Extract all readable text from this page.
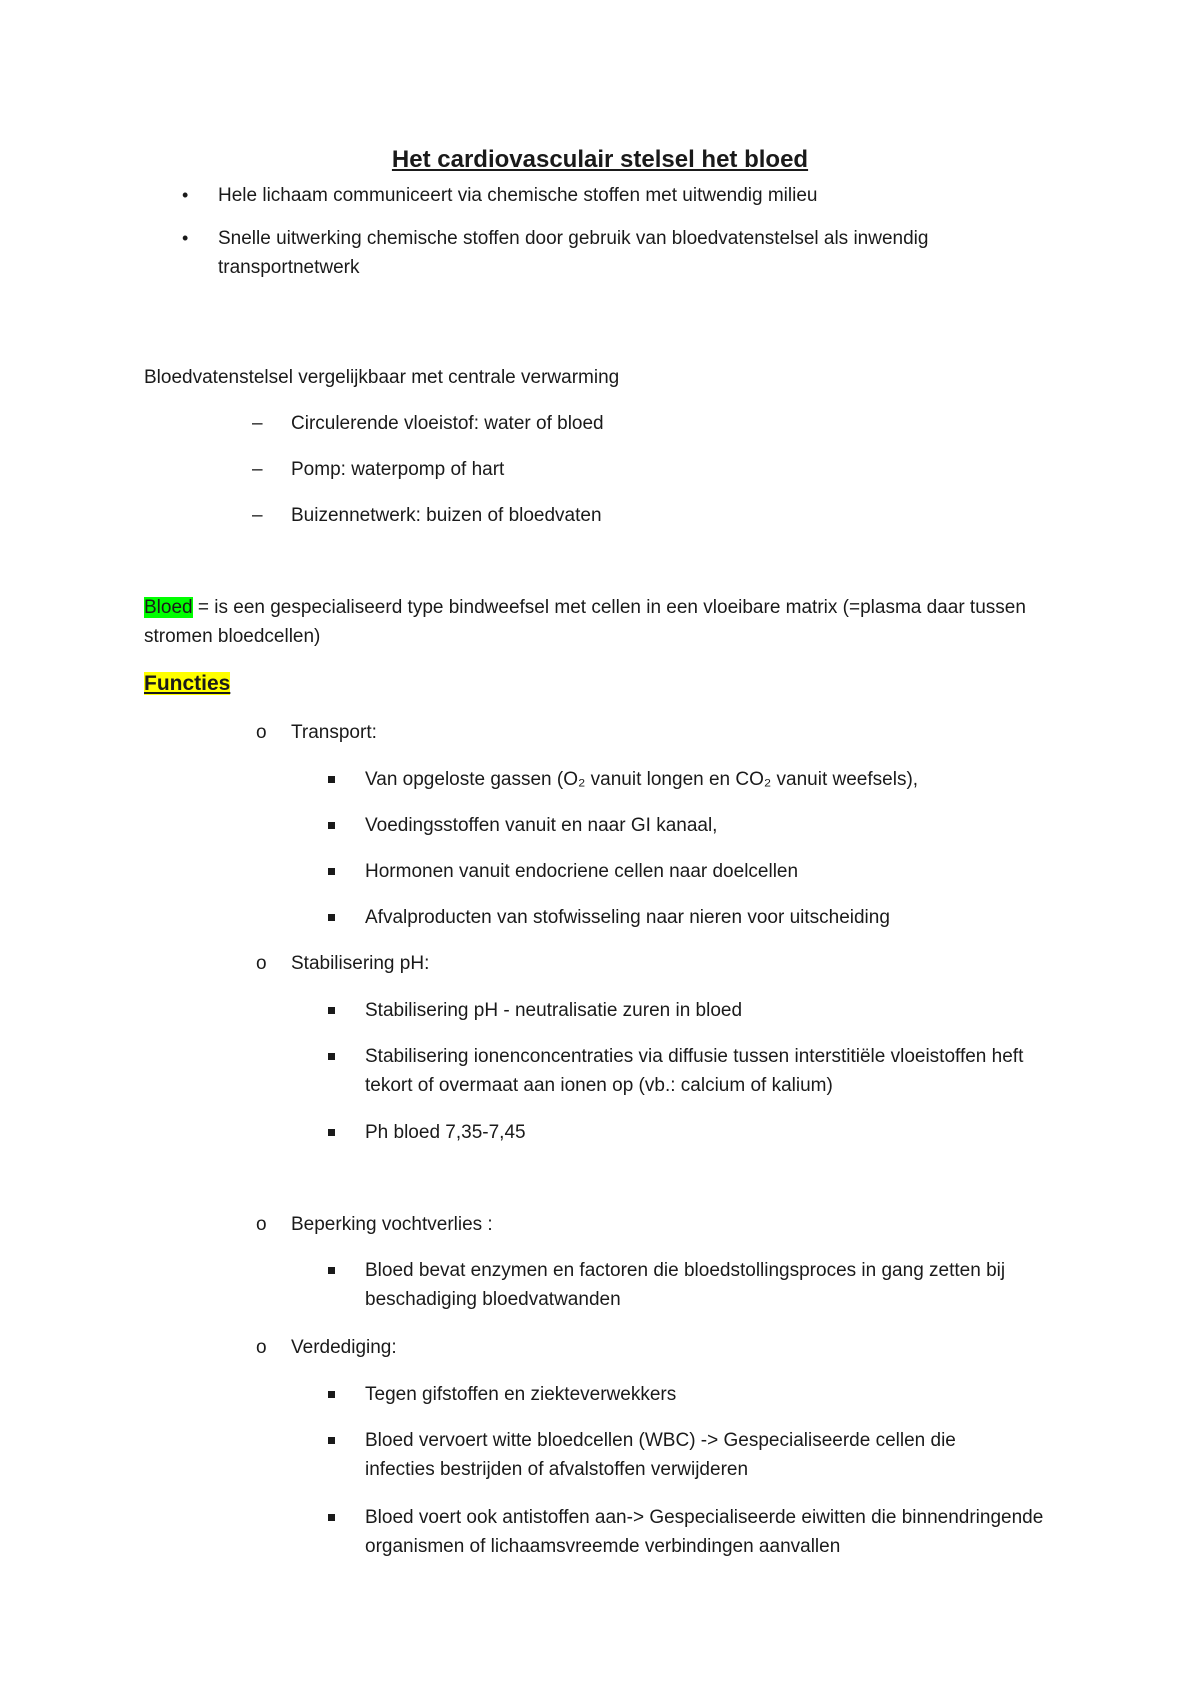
Het cardiovasculair stelsel het bloed
• Hele lichaam communiceert via chemische stoffen met uitwendig milieu
• Snelle uitwerking chemische stoffen door gebruik van bloedvatenstelsel als inwendig transportnetwerk
Bloedvatenstelsel vergelijkbaar met centrale verwarming
– Circulerende vloeistof: water of bloed
– Pomp: waterpomp of hart
– Buizennetwerk: buizen of bloedvaten
Bloed = is een gespecialiseerd type bindweefsel met cellen in een vloeibare matrix (=plasma daar tussen stromen bloedcellen)
Functies
o Transport:
Van opgeloste gassen (O₂ vanuit longen en CO₂ vanuit weefsels),
Voedingsstoffen vanuit en naar GI kanaal,
Hormonen vanuit endocriene cellen naar doelcellen
Afvalproducten van stofwisseling naar nieren voor uitscheiding
o Stabilisering pH:
Stabilisering pH - neutralisatie zuren in bloed
Stabilisering ionenconcentraties via diffusie tussen interstitiële vloeistoffen heft tekort of overmaat aan ionen op (vb.: calcium of kalium)
Ph bloed 7,35-7,45
o Beperking vochtverlies :
Bloed bevat enzymen en factoren die bloedstollingsproces in gang zetten bij beschadiging bloedvatwanden
o Verdediging:
Tegen gifstoffen en ziekteverwekkers
Bloed vervoert witte bloedcellen (WBC) -> Gespecialiseerde cellen die infecties bestrijden of afvalstoffen verwijderen
Bloed voert ook antistoffen aan-> Gespecialiseerde eiwitten die binnendringende organismen of lichaamsvreemde verbindingen aanvallen
